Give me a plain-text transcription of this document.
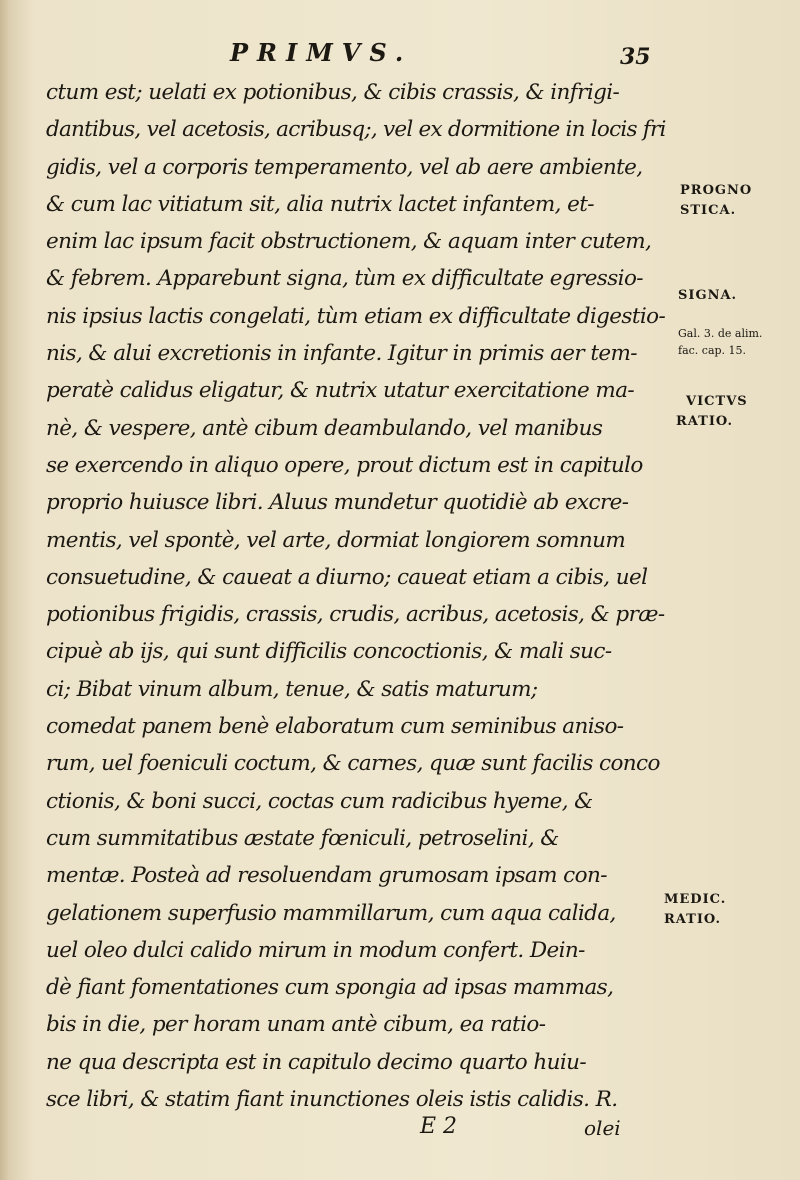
PRIMVS.	35
ctum est; uelati ex potionibus, & cibis crassis, & infrigi-
dantibus, vel acetosis, acribusq;, vel ex dormitione in locis fri
gidis, vel a corporis temperamento, vel ab aere ambiente,
& cum lac vitiatum sit, alia nutrix lactet infantem, et-
enim lac ipsum facit obstructionem, & aquam inter cutem,
& febrem. Apparebunt signa, tùm ex difficultate egressio-
nis ipsius lactis congelati, tùm etiam ex difficultate digestio-
nis, & alui excretionis in infante. Igitur in primis aer tem-
peratè calidus eligatur, & nutrix utatur exercitatione ma-
nè, & vespere, antè cibum deambulando, vel manibus
se exercendo in aliquo opere, prout dictum est in capitulo
proprio huiusce libri. Aluus mundetur quotidiè ab excre-
mentis, vel spontè, vel arte, dormiat longiorem somnum
consuetudine, & caueat a diurno; caueat etiam a cibis, uel
potionibus frigidis, crassis, crudis, acribus, acetosis, & præ-
cipuè ab ijs, qui sunt difficilis concoctionis, & mali suc-
ci; Bibat vinum album, tenue, & satis maturum;
comedat panem benè elaboratum cum seminibus aniso-
rum, uel foeniculi coctum, & carnes, quæ sunt facilis conco
ctionis, & boni succi, coctas cum radicibus hyeme, &
cum summitatibus æstate fœniculi, petroselini, &
mentæ. Posteà ad resoluendam grumosam ipsam con-
gelationem superfusio mammillarum, cum aqua calida,
uel oleo dulci calido mirum in modum confert. Dein-
dè fiant fomentationes cum spongia ad ipsas mammas,
bis in die, per horam unam antè cibum, ea ratio-
ne qua descripta est in capitulo decimo quarto huiu-
sce libri, & statim fiant inunctiones oleis istis calidis. R.
PROGNO
STICA.
SIGNA.
Gal. 3. de alim.
fac. cap. 15.
VICTVS
RATIO.
MEDIC.
RATIO.
E 2	olei
